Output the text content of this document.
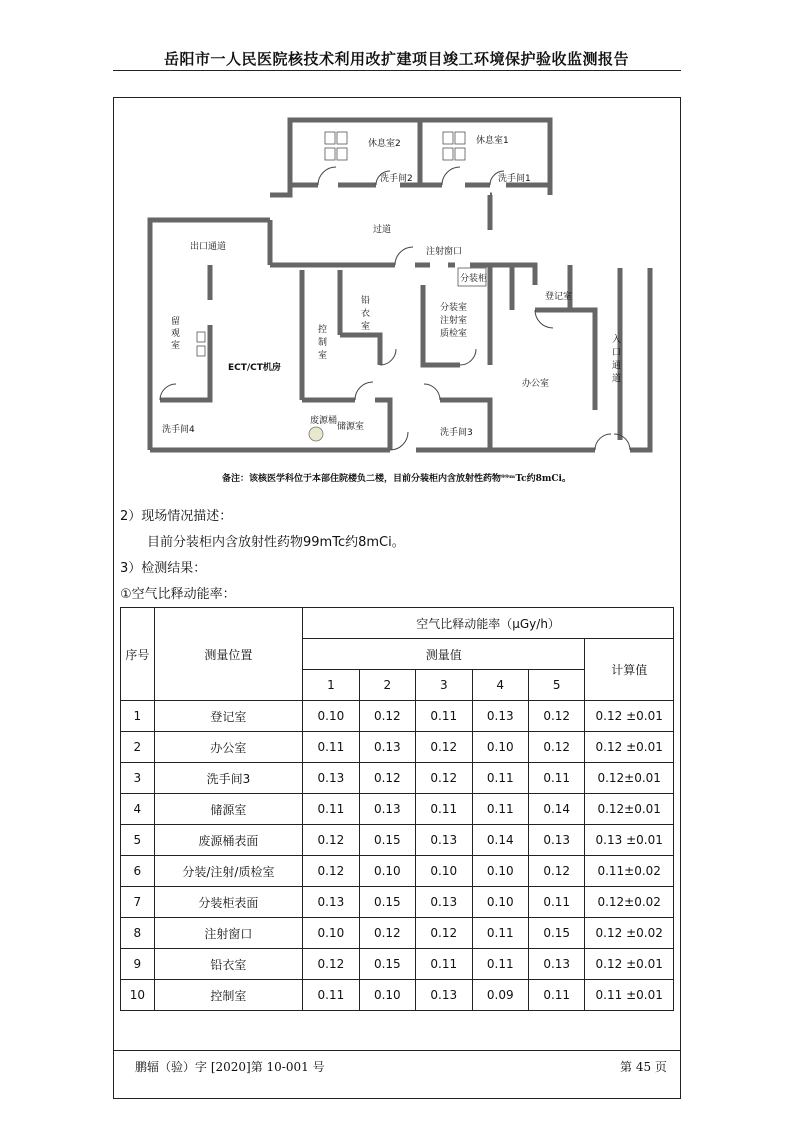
岳阳市一人民医院核技术利用改扩建项目竣工环境保护验收监测报告
休息室2	休息室1
洗手间2	洗手间1
过道
注射窗口
出口通道
分装柜
留
观
室
ECT/CT机房
控
制
室
铅
衣
室
分装室
注射室
质检室
登记室
入
口
通
道
办公室
洗手间4	储源室
洗手间3
废源桶
备注：该核医学科位于本部住院楼负二楼，目前分装柜内含放射性药物⁹⁹ᵐTc约8mCi。
2）现场情况描述：
目前分装柜内含放射性药物99mTc约8mCi。
3）检测结果：
①空气比释动能率：
序号	测量位置	空气比释动能率（μGy/h）					
		测量值					计算值
		1	2	3	4	5	
1	登记室	0.10	0.12	0.11	0.13	0.12	0.12 ±0.01
2	办公室	0.11	0.13	0.12	0.10	0.12	0.12 ±0.01
3	洗手间3	0.13	0.12	0.12	0.11	0.11	0.12±0.01
4	储源室	0.11	0.13	0.11	0.11	0.14	0.12±0.01
5	废源桶表面	0.12	0.15	0.13	0.14	0.13	0.13 ±0.01
6	分装/注射/质检室	0.12	0.10	0.10	0.10	0.12	0.11±0.02
7	分装柜表面	0.13	0.15	0.13	0.10	0.11	0.12±0.02
8	注射窗口	0.10	0.12	0.12	0.11	0.15	0.12 ±0.02
9	铅衣室	0.12	0.15	0.11	0.11	0.13	0.12 ±0.01
10	控制室	0.11	0.10	0.13	0.09	0.11	0.11 ±0.01
鹏辐（验）字 [2020]第 10-001 号	第 45 页
